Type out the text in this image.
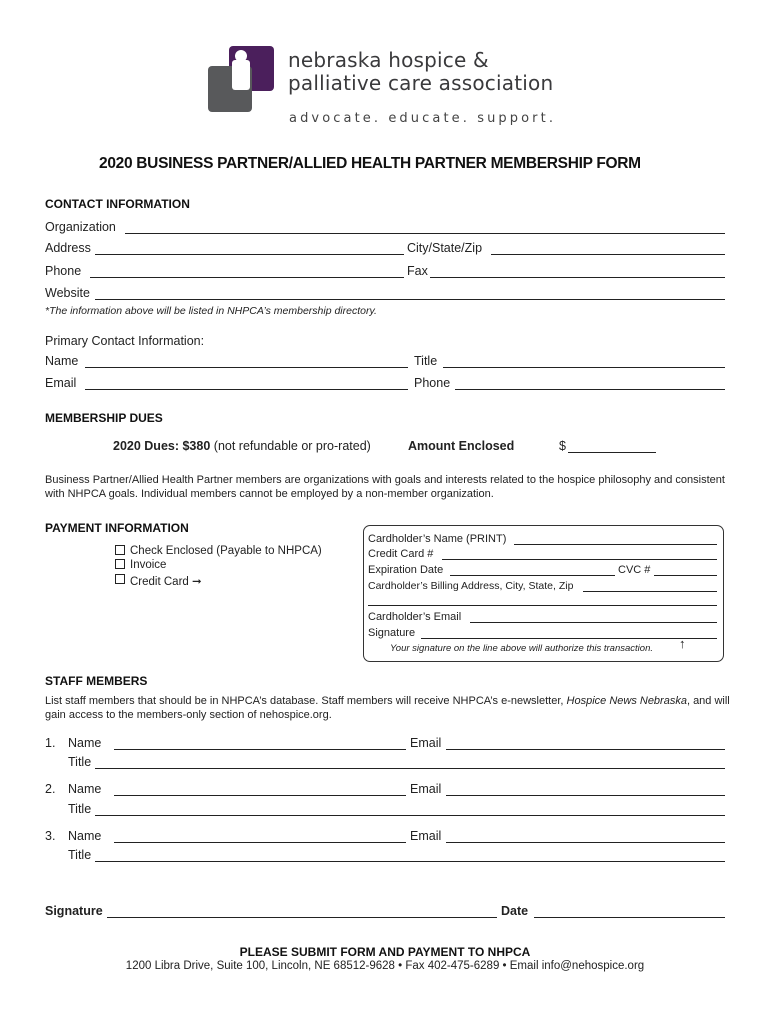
nebraska hospice &
palliative care association
advocate. educate. support.
2020 BUSINESS PARTNER/ALLIED HEALTH PARTNER MEMBERSHIP FORM
CONTACT INFORMATION
Organization
Address	City/State/Zip
Phone	Fax
Website
*The information above will be listed in NHPCA’s membership directory.
Primary Contact Information:
Name	Title
Email	Phone
MEMBERSHIP DUES
2020 Dues: $380 (not refundable or pro-rated)	Amount Enclosed	$
Business Partner/Allied Health Partner members are organizations with goals and interests related to the hospice philosophy and consistent with NHPCA goals. Individual members cannot be employed by a non-member organization.
PAYMENT INFORMATION
Check Enclosed (Payable to NHPCA)
Invoice
Credit Card ➞
Cardholder’s Name (PRINT)
Credit Card #
Expiration Date	CVC #
Cardholder’s Billing Address, City, State, Zip
Cardholder’s Email
Signature
Your signature on the line above will authorize this transaction. ↑
STAFF MEMBERS
List staff members that should be in NHPCA’s database. Staff members will receive NHPCA’s e-newsletter, Hospice News Nebraska, and will gain access to the members-only section of nehospice.org.
1. Name	Email
Title
2. Name	Email
Title
3. Name	Email
Title
Signature	Date
PLEASE SUBMIT FORM AND PAYMENT TO NHPCA
1200 Libra Drive, Suite 100, Lincoln, NE 68512-9628 • Fax 402-475-6289 • Email info@nehospice.org
